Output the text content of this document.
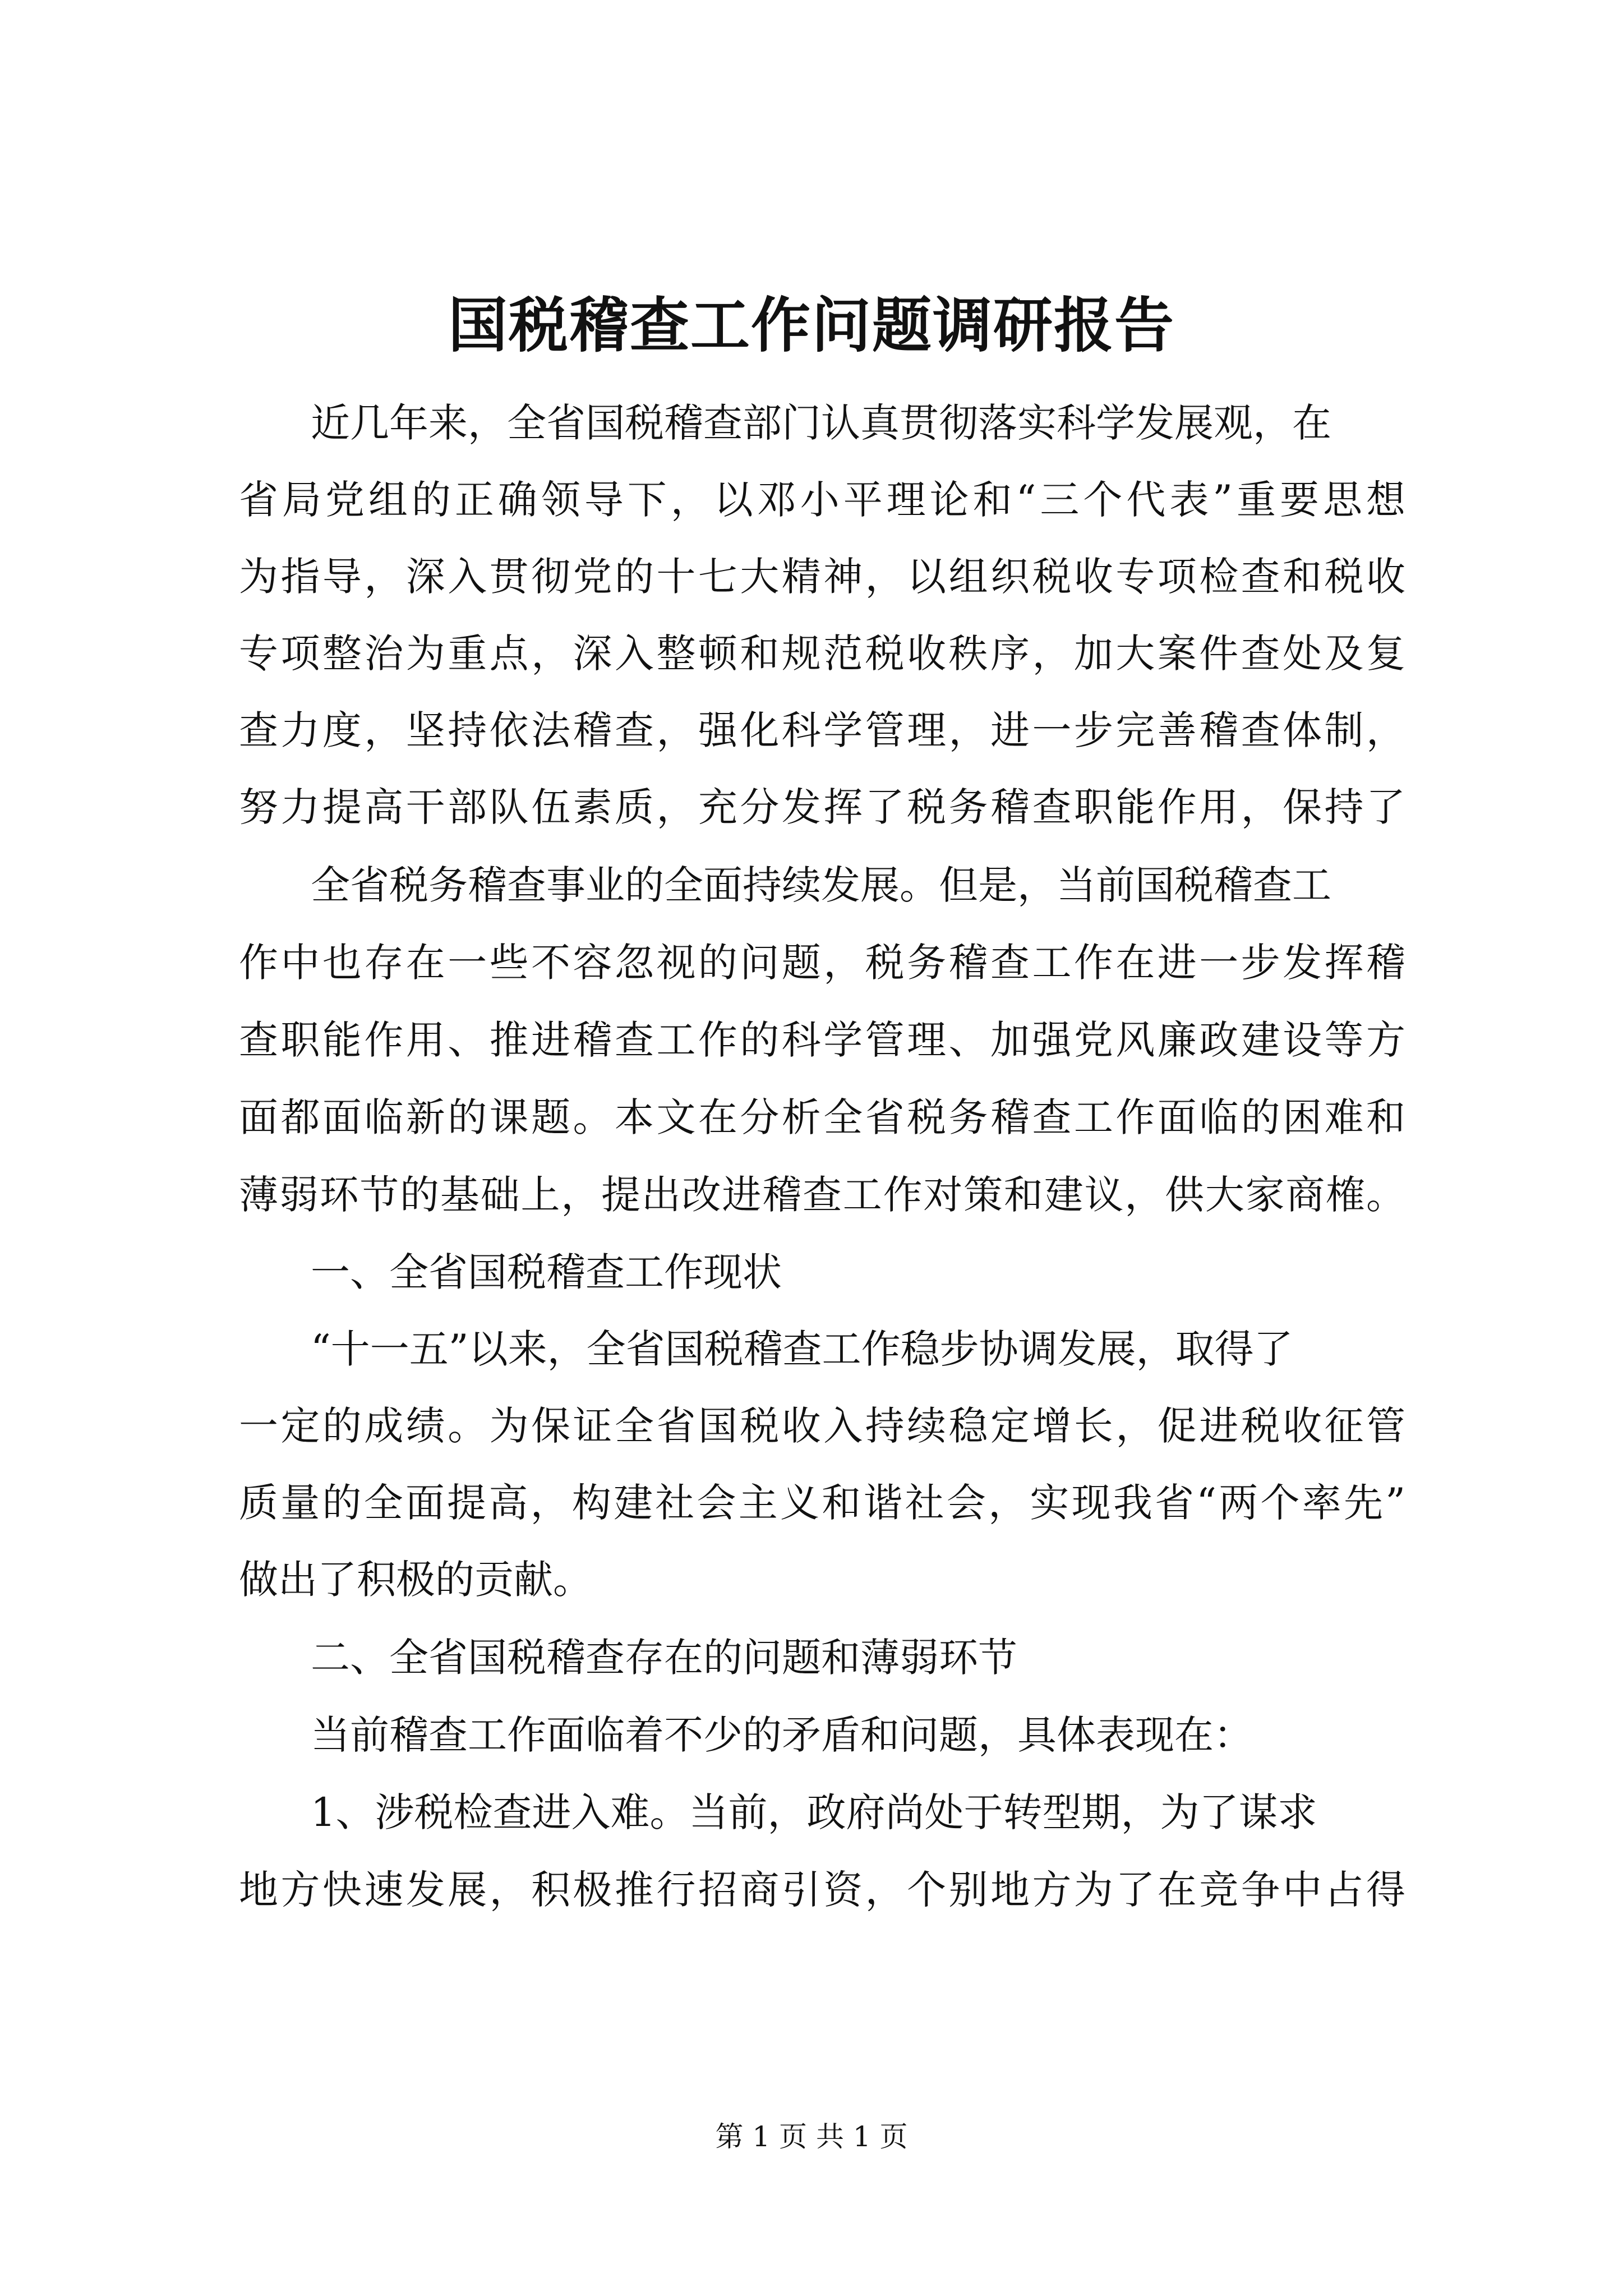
国税稽查工作问题调研报告
近几年来，全省国税稽查部门认真贯彻落实科学发展观，在
省局党组的正确领导下，以邓小平理论和“三个代表”重要思想
为指导，深入贯彻党的十七大精神，以组织税收专项检查和税收
专项整治为重点，深入整顿和规范税收秩序，加大案件查处及复
查力度，坚持依法稽查，强化科学管理，进一步完善稽查体制，
努力提高干部队伍素质，充分发挥了税务稽查职能作用，保持了
全省税务稽查事业的全面持续发展。但是，当前国税稽查工
作中也存在一些不容忽视的问题，税务稽查工作在进一步发挥稽
查职能作用、推进稽查工作的科学管理、加强党风廉政建设等方
面都面临新的课题。本文在分析全省税务稽查工作面临的困难和
薄弱环节的基础上，提出改进稽查工作对策和建议，供大家商榷。
一、全省国税稽查工作现状
“十一五”以来，全省国税稽查工作稳步协调发展，取得了
一定的成绩。为保证全省国税收入持续稳定增长，促进税收征管
质量的全面提高，构建社会主义和谐社会，实现我省“两个率先”
做出了积极的贡献。
二、全省国税稽查存在的问题和薄弱环节
当前稽查工作面临着不少的矛盾和问题，具体表现在：
1、涉税检查进入难。当前，政府尚处于转型期，为了谋求
地方快速发展，积极推行招商引资，个别地方为了在竞争中占得
第 1 页 共 1 页
